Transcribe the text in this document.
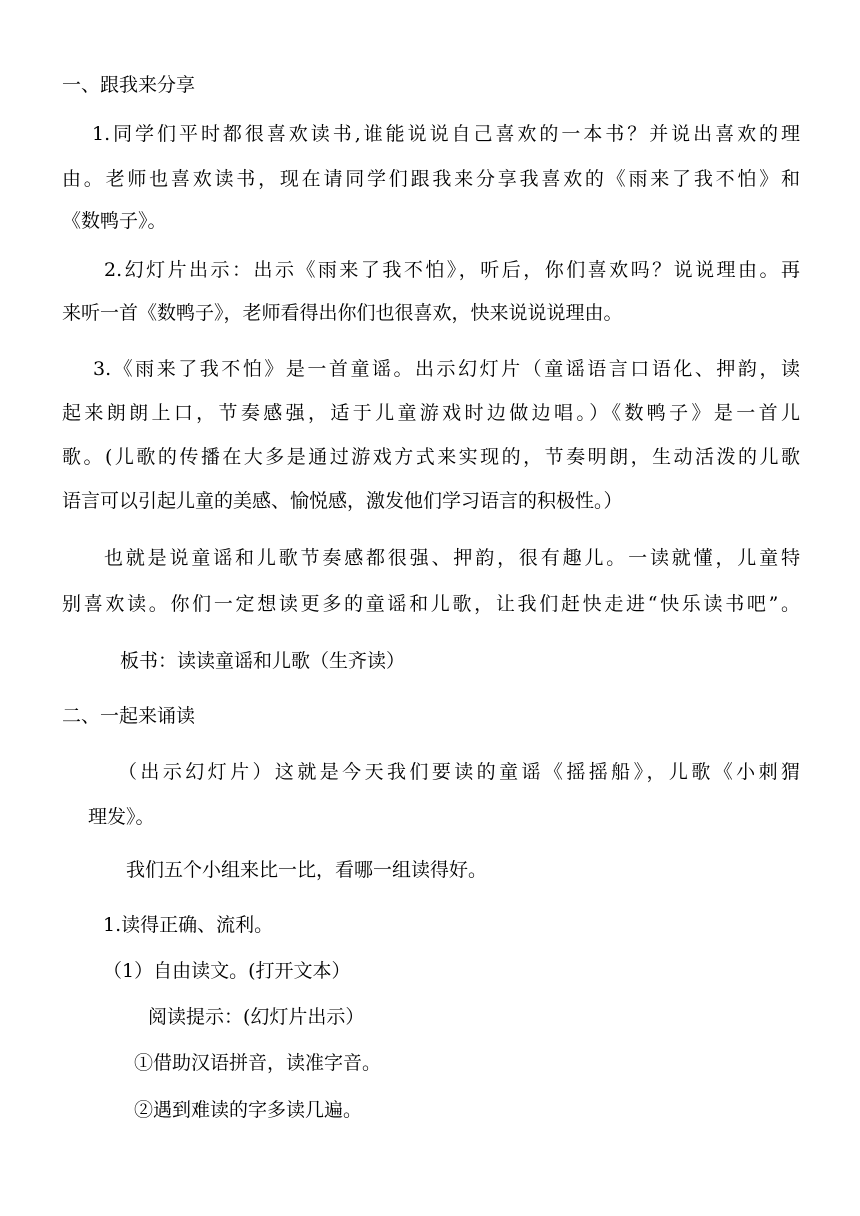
一、跟我来分享
1.同学们平时都很喜欢读书,谁能说说自己喜欢的一本书？并说出喜欢的理
由。老师也喜欢读书，现在请同学们跟我来分享我喜欢的《雨来了我不怕》和
《数鸭子》。
2.幻灯片出示：出示《雨来了我不怕》，听后，你们喜欢吗？说说理由。再
来听一首《数鸭子》，老师看得出你们也很喜欢，快来说说说理由。
3.《雨来了我不怕》是一首童谣。出示幻灯片（童谣语言口语化、押韵，读
起来朗朗上口，节奏感强，适于儿童游戏时边做边唱。）《数鸭子》是一首儿
歌。(儿歌的传播在大多是通过游戏方式来实现的，节奏明朗，生动活泼的儿歌
语言可以引起儿童的美感、愉悦感，激发他们学习语言的积极性。）
也就是说童谣和儿歌节奏感都很强、押韵，很有趣儿。一读就懂，儿童特
别喜欢读。你们一定想读更多的童谣和儿歌，让我们赶快走进“快乐读书吧”。
板书：读读童谣和儿歌（生齐读）
二、一起来诵读
（出示幻灯片）这就是今天我们要读的童谣《摇摇船》，儿歌《小刺猬
理发》。
我们五个小组来比一比，看哪一组读得好。
1.读得正确、流利。
（1）自由读文。(打开文本）
阅读提示：(幻灯片出示）
①借助汉语拼音，读准字音。
②遇到难读的字多读几遍。
